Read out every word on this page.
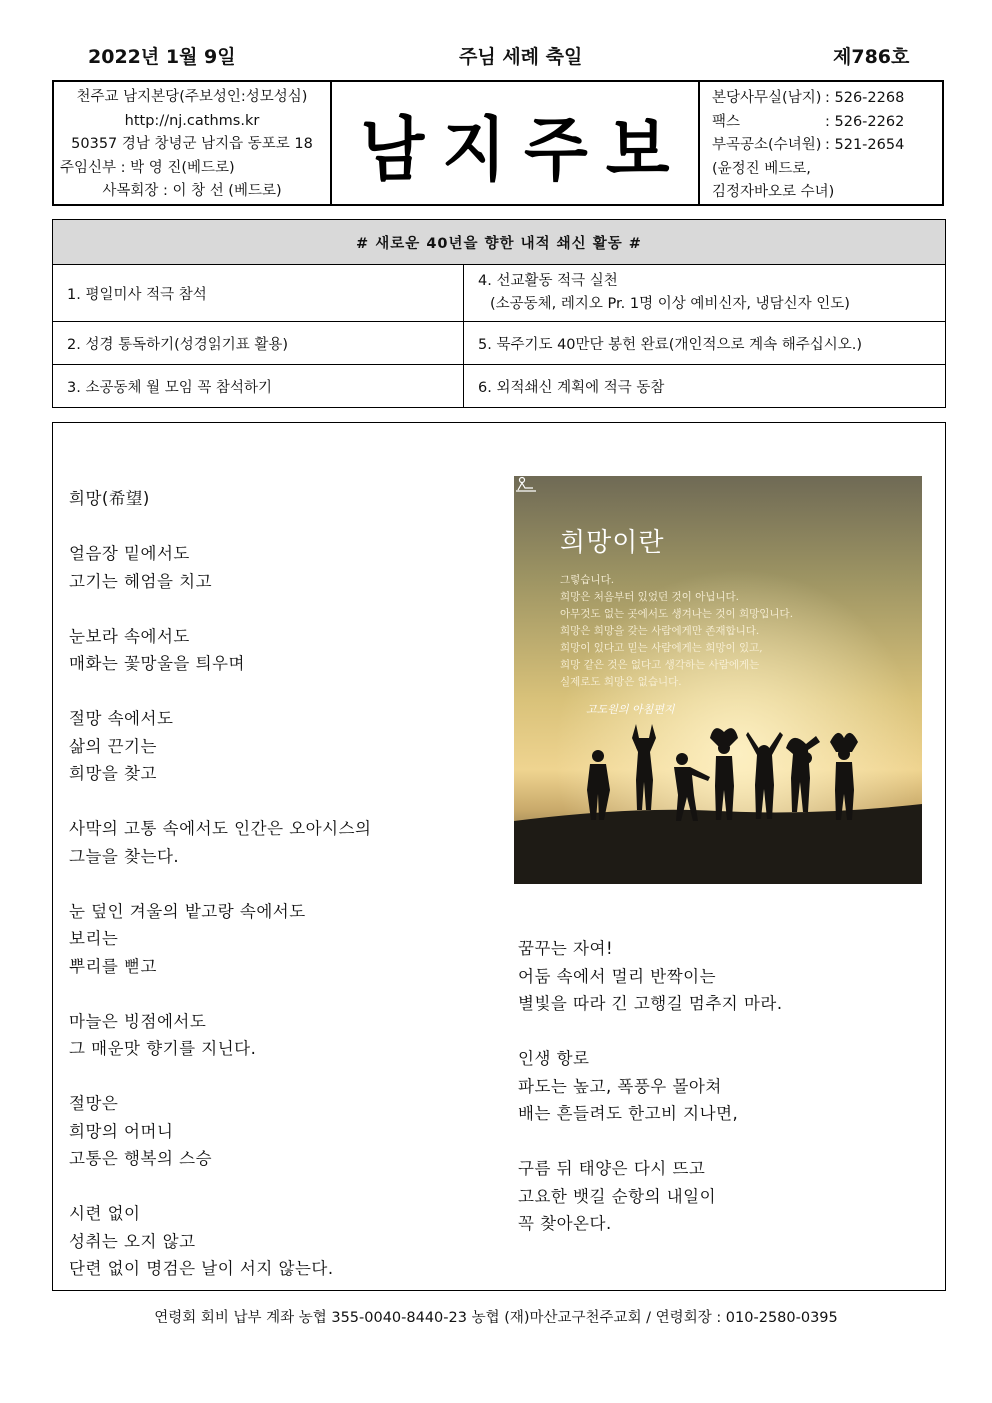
2022년 1월 9일	주님 세례 축일	제786호
천주교 남지본당(주보성인:성모성심)
http://nj.cathms.kr
50357 경남 창녕군 남지읍 동포로 18
주임신부 : 박 영 진(베드로)
사목회장 : 이 창 선 (베드로)
남지주보
본당사무실(남지) : 526-2268
팩스	: 526-2262
부곡공소(수녀원) : 521-2654
(윤정진 베드로,
김정자바오로 수녀)
# 새로운 40년을 향한 내적 쇄신 활동 #	
1. 평일미사 적극 참석	4. 선교활동 적극 실천
(소공동체, 레지오 Pr. 1명 이상 예비신자, 냉담신자 인도)

2. 성경 통독하기(성경읽기표 활용)	5. 묵주기도 40만단 봉헌 완료(개인적으로 계속 해주십시오.)
3. 소공동체 월 모임 꼭 참석하기	6. 외적쇄신 계획에 적극 동참
희망(希望)
얼음장 밑에서도
고기는 헤엄을 치고
눈보라 속에서도
매화는 꽃망울을 틔우며
절망 속에서도
삶의 끈기는
희망을 찾고
사막의 고통 속에서도 인간은 오아시스의
그늘을 찾는다.
눈 덮인 겨울의 밭고랑 속에서도
보리는
뿌리를 뻗고
마늘은 빙점에서도
그 매운맛 향기를 지닌다.
절망은
희망의 어머니
고통은 행복의 스승
시련 없이
성취는 오지 않고
단련 없이 명검은 날이 서지 않는다.
희망이란
그렇습니다.
희망은 처음부터 있었던 것이 아닙니다.
아무것도 없는 곳에서도 생겨나는 것이 희망입니다.
희망은 희망을 갖는 사람에게만 존재합니다.
희망이 있다고 믿는 사람에게는 희망이 있고,
희망 같은 것은 없다고 생각하는 사람에게는
실제로도 희망은 없습니다.
고도원의 아침편지
꿈꾸는 자여!
어둠 속에서 멀리 반짝이는
별빛을 따라 긴 고행길 멈추지 마라.
인생 항로
파도는 높고, 폭풍우 몰아쳐
배는 흔들려도 한고비 지나면,
구름 뒤 태양은 다시 뜨고
고요한 뱃길 순항의 내일이
꼭 찾아온다.
연령회 회비 납부 계좌 농협 355-0040-8440-23 농협 (재)마산교구천주교회 / 연령회장 : 010-2580-0395
